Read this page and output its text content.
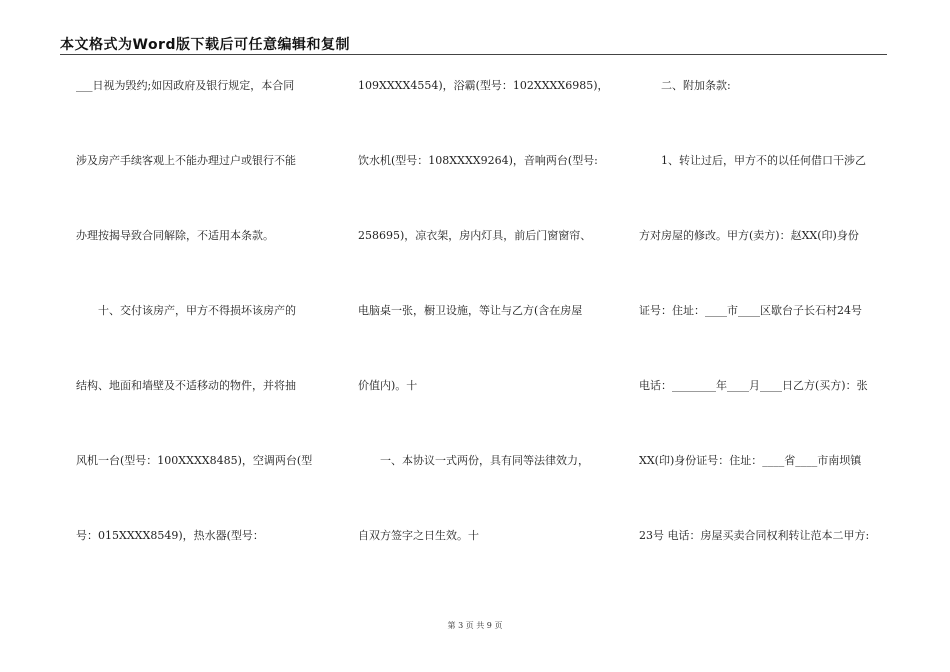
本文格式为Word版下载后可任意编辑和复制
___日视为毁约;如因政府及银行规定，本合同
涉及房产手续客观上不能办理过户或银行不能
办理按揭导致合同解除，不适用本条款。
　　十、交付该房产，甲方不得损坏该房产的
结构、地面和墙壁及不适移动的物件，并将抽
风机一台(型号：100XXXX8485)，空调两台(型
号：015XXXX8549)，热水器(型号：
109XXXX4554)，浴霸(型号：102XXXX6985)，
饮水机(型号：108XXXX9264)，音响两台(型号:
258695)，凉衣架，房内灯具，前后门窗窗帘、
电脑桌一张，橱卫设施，等让与乙方(含在房屋
价值内)。十
　　一、本协议一式两份，具有同等法律效力，
自双方签字之日生效。十
　　二、附加条款:
　　1、转让过后，甲方不的以任何借口干涉乙
方对房屋的修改。甲方(卖方)：赵XX(印)身份
证号：住址：____市____区歇台子长石村24号
电话：________年____月____日乙方(买方)：张
XX(印)身份证号：住址：____省____市南坝镇
23号 电话：房屋买卖合同权利转让范本二甲方:
第 3 页 共 9 页
